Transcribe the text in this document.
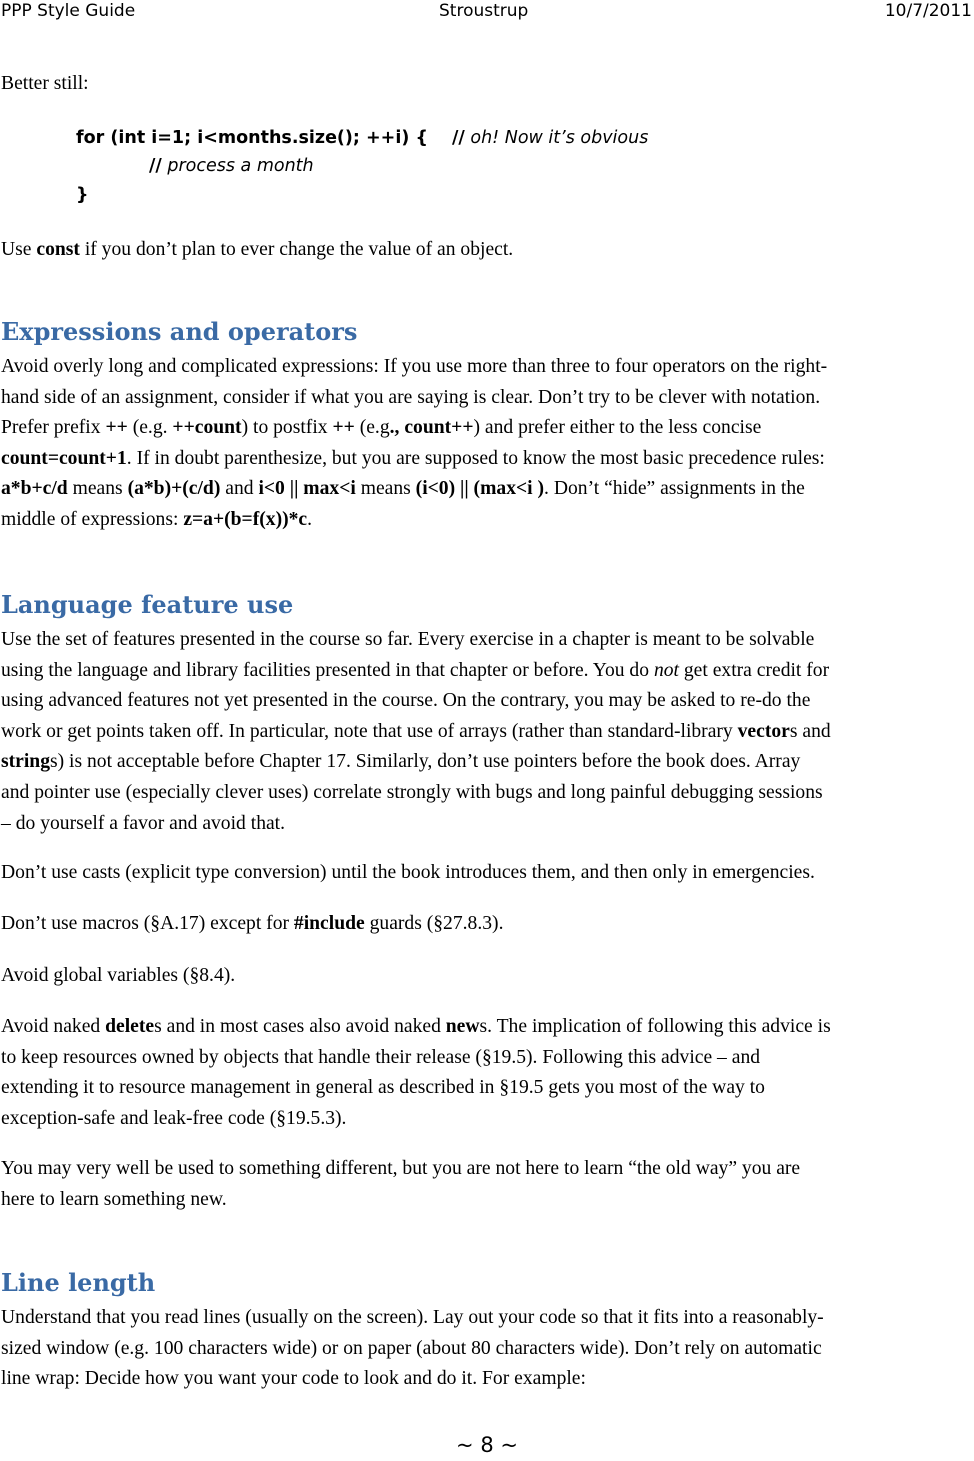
PPP Style Guide	Stroustrup	10/7/2011
Better still:
for (int i=1; i<months.size(); ++i) { // oh! Now it’s obvious
// process a month
}
Use const if you don’t plan to ever change the value of an object.
Expressions and operators
Avoid overly long and complicated expressions: If you use more than three to four operators on the right-
hand side of an assignment, consider if what you are saying is clear. Don’t try to be clever with notation.
Prefer prefix ++ (e.g. ++count) to postfix ++ (e.g., count++) and prefer either to the less concise
count=count+1. If in doubt parenthesize, but you are supposed to know the most basic precedence rules:
a*b+c/d means (a*b)+(c/d) and i<0 || max<i means (i<0) || (max<i ). Don’t “hide” assignments in the
middle of expressions: z=a+(b=f(x))*c.
Language feature use
Use the set of features presented in the course so far. Every exercise in a chapter is meant to be solvable
using the language and library facilities presented in that chapter or before. You do not get extra credit for
using advanced features not yet presented in the course. On the contrary, you may be asked to re-do the
work or get points taken off. In particular, note that use of arrays (rather than standard-library vectors and
strings) is not acceptable before Chapter 17. Similarly, don’t use pointers before the book does. Array
and pointer use (especially clever uses) correlate strongly with bugs and long painful debugging sessions
– do yourself a favor and avoid that.
Don’t use casts (explicit type conversion) until the book introduces them, and then only in emergencies.
Don’t use macros (§A.17) except for #include guards (§27.8.3).
Avoid global variables (§8.4).
Avoid naked deletes and in most cases also avoid naked news. The implication of following this advice is
to keep resources owned by objects that handle their release (§19.5). Following this advice – and
extending it to resource management in general as described in §19.5 gets you most of the way to
exception-safe and leak-free code (§19.5.3).
You may very well be used to something different, but you are not here to learn “the old way” you are
here to learn something new.
Line length
Understand that you read lines (usually on the screen). Lay out your code so that it fits into a reasonably-
sized window (e.g. 100 characters wide) or on paper (about 80 characters wide). Don’t rely on automatic
line wrap: Decide how you want your code to look and do it. For example:
~ 8 ~
